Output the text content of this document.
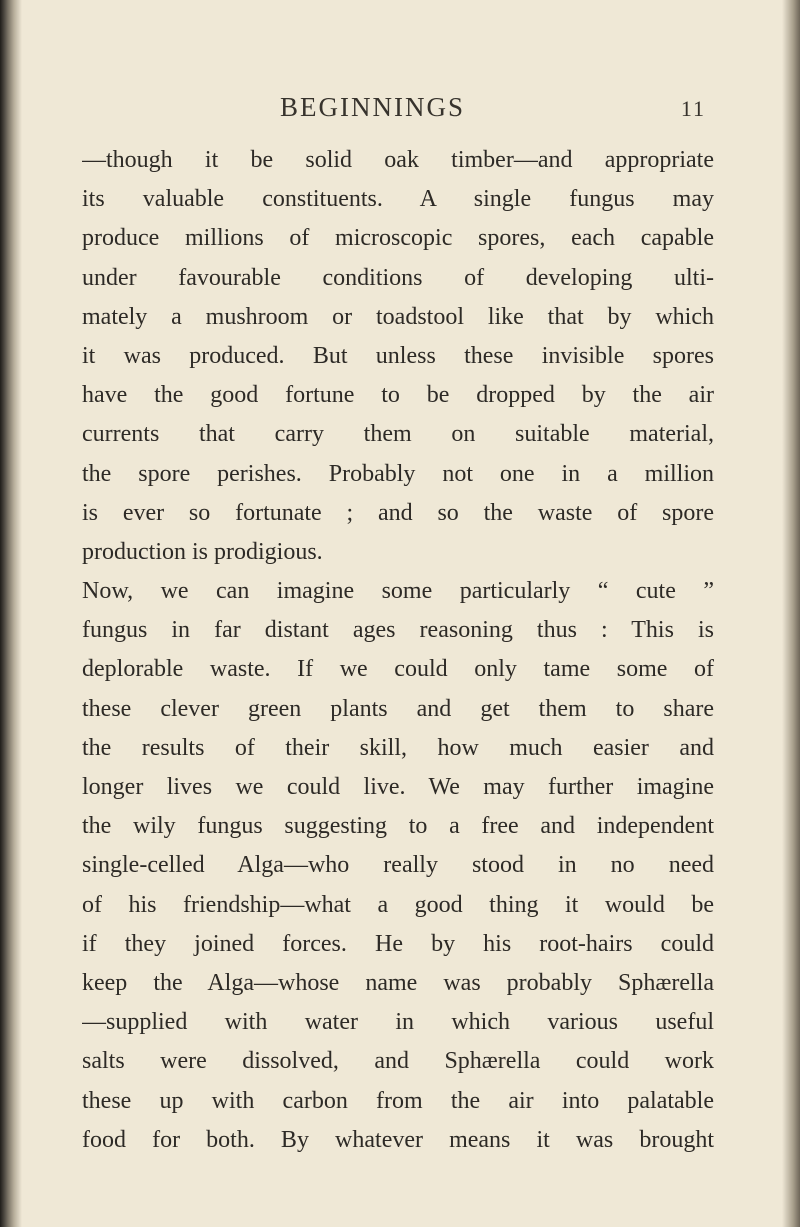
BEGINNINGS	11
—though it be solid oak timber—and appropriate
its valuable constituents. A single fungus may
produce millions of microscopic spores, each capable
under favourable conditions of developing ulti-
mately a mushroom or toadstool like that by which
it was produced. But unless these invisible spores
have the good fortune to be dropped by the air
currents that carry them on suitable material,
the spore perishes. Probably not one in a million
is ever so fortunate ; and so the waste of spore
production is prodigious.
Now, we can imagine some particularly “ cute ”
fungus in far distant ages reasoning thus : This is
deplorable waste. If we could only tame some of
these clever green plants and get them to share
the results of their skill, how much easier and
longer lives we could live. We may further imagine
the wily fungus suggesting to a free and independent
single-celled Alga—who really stood in no need
of his friendship—what a good thing it would be
if they joined forces. He by his root-hairs could
keep the Alga—whose name was probably Sphærella
—supplied with water in which various useful
salts were dissolved, and Sphærella could work
these up with carbon from the air into palatable
food for both. By whatever means it was brought
